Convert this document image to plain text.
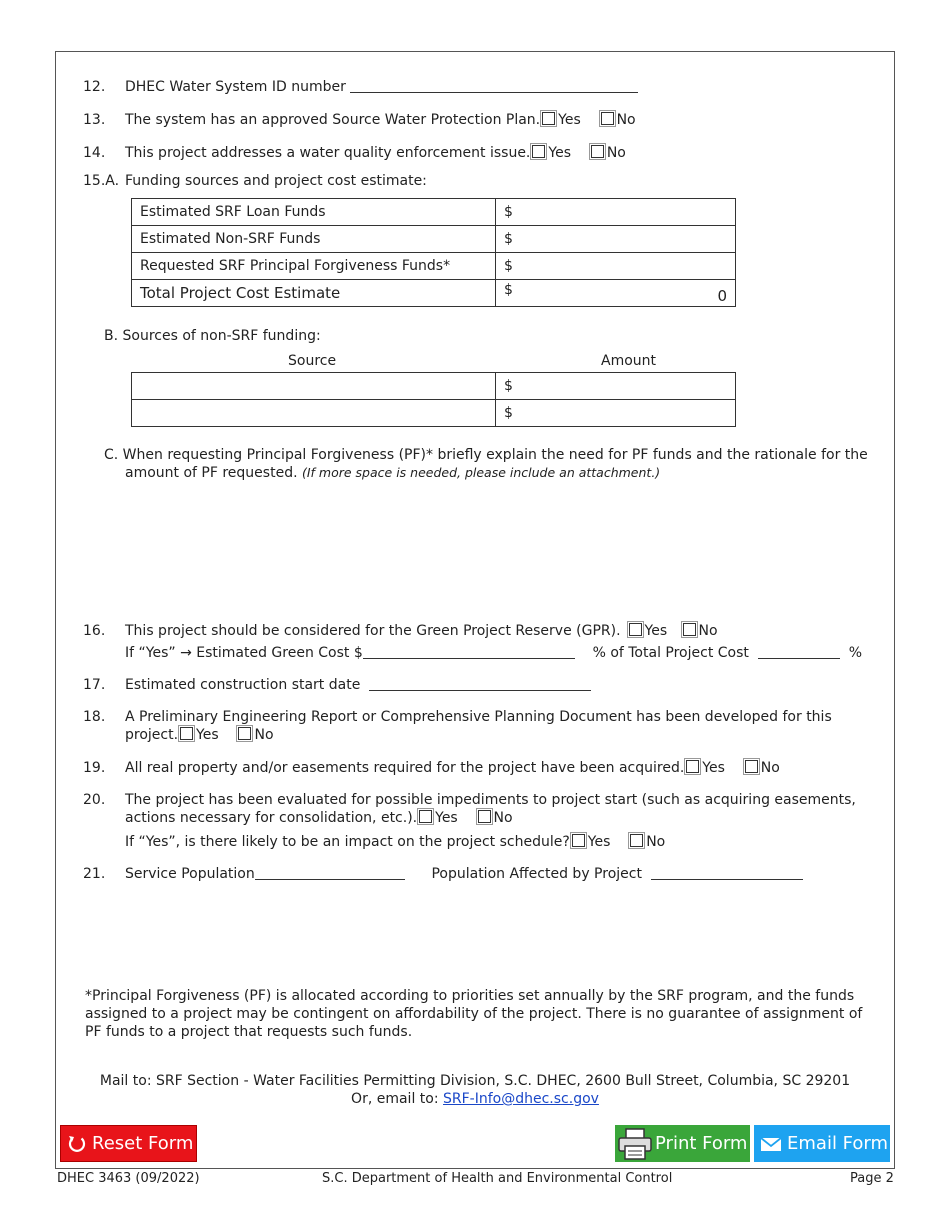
12. DHEC Water System ID number
13. The system has an approved Source Water Protection Plan. Yes	No
14. This project addresses a water quality enforcement issue. Yes	No
15.A. Funding sources and project cost estimate:
Estimated SRF Loan Funds	$
Estimated Non-SRF Funds	$
Requested SRF Principal Forgiveness Funds*	$
Total Project Cost Estimate	$ 0
B. Sources of non-SRF funding:
Source	Amount
	$
	$
C. When requesting Principal Forgiveness (PF)* briefly explain the need for PF funds and the rationale for the
amount of PF requested. (If more space is needed, please include an attachment.)
16. This project should be considered for the Green Project Reserve (GPR). Yes No
If “Yes” → Estimated Green Cost $	% of Total Project Cost	%
17. Estimated construction start date
18. A Preliminary Engineering Report or Comprehensive Planning Document has been developed for this
project. Yes	No
19. All real property and/or easements required for the project have been acquired. Yes	No
20. The project has been evaluated for possible impediments to project start (such as acquiring easements,
actions necessary for consolidation, etc.). Yes	No
If “Yes”, is there likely to be an impact on the project schedule? Yes	No
21. Service Population	Population Affected by Project
*Principal Forgiveness (PF) is allocated according to priorities set annually by the SRF program, and the funds
assigned to a project may be contingent on affordability of the project. There is no guarantee of assignment of
PF funds to a project that requests such funds.
Mail to: SRF Section - Water Facilities Permitting Division, S.C. DHEC, 2600 Bull Street, Columbia, SC 29201
Or, email to: SRF-Info@dhec.sc.gov
Reset Form	Print Form Email Form
DHEC 3463 (09/2022)	S.C. Department of Health and Environmental Control	Page 2
